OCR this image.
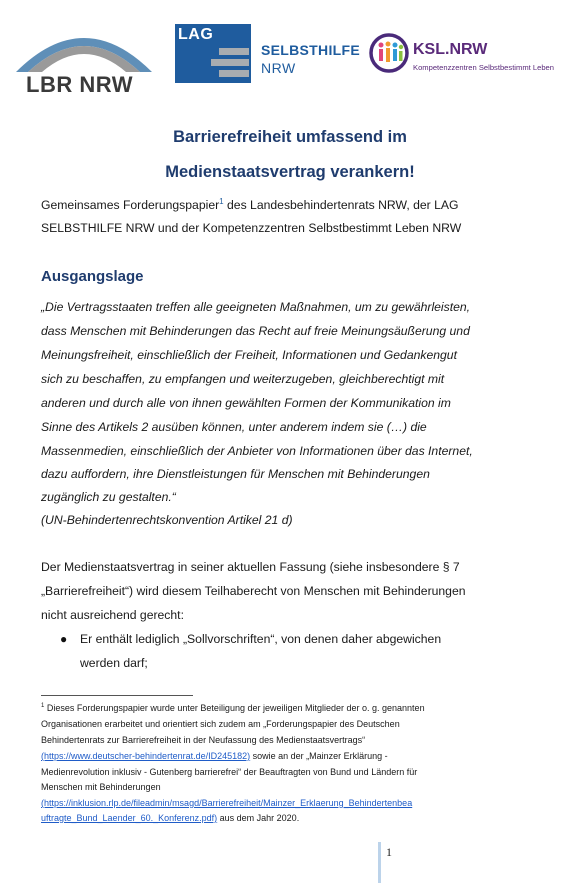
LBR NRW
LAG
SELBSTHILFE
NRW
KSL.NRW
Kompetenzzentren Selbstbestimmt Leben
Barrierefreiheit umfassend im
Medienstaatsvertrag verankern!

Gemeinsames Forderungspapier$^1$ des Landesbehindertenrats NRW, der LAG

SELBSTHILFE NRW und der Kompetenzzentren Selbstbestimmt Leben NRW

Ausgangslage

„Die Vertragsstaaten treffen alle geeigneten Maßnahmen, um zu gewährleisten,

dass Menschen mit Behinderungen das Recht auf freie Meinungsäußerung und

Meinungsfreiheit, einschließlich der Freiheit, Informationen und Gedankengut

sich zu beschaffen, zu empfangen und weiterzugeben, gleichberechtigt mit

anderen und durch alle von ihnen gewählten Formen der Kommunikation im

Sinne des Artikels 2 ausüben können, unter anderem indem sie (…) die

Massenmedien, einschließlich der Anbieter von Informationen über das Internet,

dazu auffordern, ihre Dienstleistungen für Menschen mit Behinderungen

zugänglich zu gestalten.“

(UN-Behindertenrechtskonvention Artikel 21 d)

Der Medienstaatsvertrag in seiner aktuellen Fassung (siehe insbesondere § 7

„Barrierefreiheit“) wird diesem Teilhaberecht von Menschen mit Behinderungen

nicht ausreichend gerecht:

● Er enthält lediglich „Sollvorschriften“, von denen daher abgewichen

werden darf;

$^1$ Dieses Forderungspapier wurde unter Beteiligung der jeweiligen Mitglieder der o. g. genannten

Organisationen erarbeitet und orientiert sich zudem am „Forderungspapier des Deutschen

Behindertenrats zur Barrierefreiheit in der Neufassung des Medienstaatsvertrags“

(https://www.deutscher-behindertenrat.de/ID245182) sowie an der „Mainzer Erklärung -

Medienrevolution inklusiv - Gutenberg barrierefrei“ der Beauftragten von Bund und Ländern für

Menschen mit Behinderungen

(https://inklusion.rlp.de/fileadmin/msagd/Barrierefreiheit/Mainzer_Erklaerung_Behindertenbea

uftragte_Bund_Laender_60._Konferenz.pdf) aus dem Jahr 2020.

1
